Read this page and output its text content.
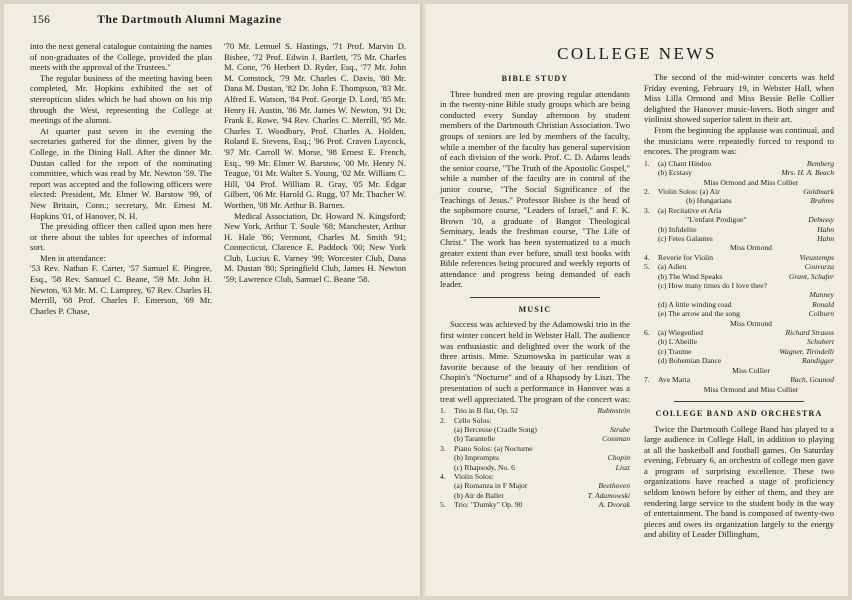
156	The Dartmouth Alumni Magazine

into the next general catalogue containing the names of non-graduates of the College, provided the plan meets with the approval of the Trustees."

The regular business of the meeting having been completed, Mr. Hopkins exhibited the set of stereopticon slides which he had shown on his trip through the West, representing the College at meetings of the alumni.

At quarter past seven in the evening the secretaries gathered for the dinner, given by the College, in the Dining Hall. After the dinner Mr. Dustan called for the report of the nominating committee, which was read by Mr. Newton '59. The report was accepted and the following officers were elected: President, Mr. Elmer W. Barstow '99, of New Britain, Conn.; secretary, Mr. Ernest M. Hopkins '01, of Hanover, N. H.

The presiding officer then called upon men here or there about the tables for speeches of informal sort.

Men in attendance:

'53 Rev. Nathan F. Carter, '57 Samuel E. Pingree, Esq., '58 Rev. Samuel C. Beane, '59 Mr. John H. Newton, '63 Mr. M. C. Lamprey, '67 Rev. Charles H. Merrill, '68 Prof. Charles F. Emerson, '69 Mr. Charles P. Chase,

'70 Mr. Lemuel S. Hastings, '71 Prof. Marvin D. Bisbee, '72 Prof. Edwin J. Bartlett, '75 Mr. Charles M. Cone, '76 Herbert D. Ryder, Esq., '77 Mr. John M. Comstock, '79 Mr. Charles C. Davis, '80 Mr. Dana M. Dustan, '82 Dr. John F. Thompson, '83 Mr. Alfred E. Watson, '84 Prof. George D. Lord, '85 Mr. Henry H. Austin, '86 Mr. James W. Newton, '91 Dr. Frank E. Rowe, '94 Rev. Charles C. Merrill, '95 Mr. Charles T. Woodbury, Prof. Charles A. Holden, Roland E. Stevens, Esq.; '96 Prof. Craven Laycock, '97 Mr. Carroll W. Morse, '98 Ernest E. French, Esq., '99 Mr. Elmer W. Barstow, '00 Mr. Henry N. Teague, '01 Mr. Walter S. Young, '02 Mr. William C. Hill, '04 Prof. William R. Gray, '05 Mr. Edgar Gilbert, '06 Mr. Harold G. Rugg, '07 Mr. Thacher W. Worthen, '08 Mr. Arthur B. Barnes.

Medical Association, Dr. Howard N. Kingsford; New York, Arthur T. Soule '68; Manchester, Arthur H. Hale '86; Vermont, Charles M. Smith '91; Connecticut, Clarence E. Paddock '00; New York Club, Lucius E. Varney '99; Worcester Club, Dana M. Dustan '80; Springfield Club, James H. Newton '59; Lawrence Club, Samuel C. Beane '58.

COLLEGE NEWS
BIBLE STUDY

Three hundred men are proving regular attendants in the twenty-nine Bible study groups which are being conducted every Sunday afternoon by student members of the Dartmouth Christian Association. Two groups of seniors are led by members of the faculty, while a member of the faculty has general supervision of each division of the work. Prof. C. D. Adams leads the senior course, "The Truth of the Apostolic Gospel," while a number of the faculty are in control of the junior course, "The Social Significance of the Teachings of Jesus." Professor Bisbee is the head of the sophomore course, "Leaders of Israel," and F. K. Brown '10, a graduate of Bangor Theological Seminary, leads the freshman course, "The Life of Christ." The work has been systematized to a much greater extent than ever before, small text books with Bible references being procured and weekly reports of attendance and progress being demanded of each leader.

MUSIC

Success was achieved by the Adamowski trio in the first winter concert held in Webster Hall. The audience was enthusiastic and delighted over the work of the three artists. Mme. Szumowska in particular was a favorite because of the beauty of her rendition of Chopin's "Nocturne" and of a Rhapsody by Liszt. The presentation of such a performance in Hanover was a treat well appreciated. The program of the concert was:

1.	Trio in B flat, Op. 52	Rubinstein
2.	Cello Solos:
(a) Berceuse (Cradle Song)	Strube
(b) Tarantelle	Cossman
3.	Piano Solos: (a) Nocturne
(b) Impromptu	Chopin
(c) Rhapsody, No. 6	Liszt
4.	Violin Solos:
(a) Romanza in F Major	Beethoven
(b) Air de Ballet	T. Adamowski
5.	Trio: "Dumky" Op. 90	A. Dvorak

The second of the mid-winter concerts was held Friday evening, February 19, in Webster Hall, when Miss Lilla Ormond and Miss Bessie Belle Collier delighted the Hanover music-lovers. Both singer and violinist showed superior talent in their art.

From the beginning the applause was continual, and the musicians were repeatedly forced to respond to encores. The program was:

1.	(a) Chant Hindoo	Bemberg
(b) Ecstasy	Mrs. H. A. Beach
Miss Ormond and Miss Collier
2.	Violin Solos: (a) Air	Goldmark
(b) Hungarians	Brahms
3.	(a) Recitative et Aria
"L'enfant Prodigue"	Debussy
(b) Infidelite	Hahn
(c) Fetes Galantes	Hahn
Miss Ormond
4.	Reverie for Violin	Vieuxtemps
5.	(a) Adieu	Couvurza
(b) The Wind Speaks	Grant, Schafer
(c) How many times do I love thee?
Manney
(d) A little winding road	Ronald
(e) The arrow and the song	Colburn
Miss Ormond
6.	(a) Wiegenlied	Richard Strauss
(b) L'Abeille	Schubert
(c) Traume	Wagner, Tirindelli
(d) Bohemian Dance	Randigger
Miss Collier
7.	Ave Maria	Bach, Gounod
Miss Ormond and Miss Collier
COLLEGE BAND AND ORCHESTRA

Twice the Dartmouth College Band has played to a large audience in College Hall, in addition to playing at all the basketball and football games. On Saturday evening, February 6, an orchestra of college men gave a program of surprising excellence. These two organizations have reached a stage of proficiency seldom known before by either of them, and they are rendering large service to the student body in the way of entertainment. The band is composed of twenty-two pieces and owes its organization largely to the energy and ability of Leader Dillingham,
